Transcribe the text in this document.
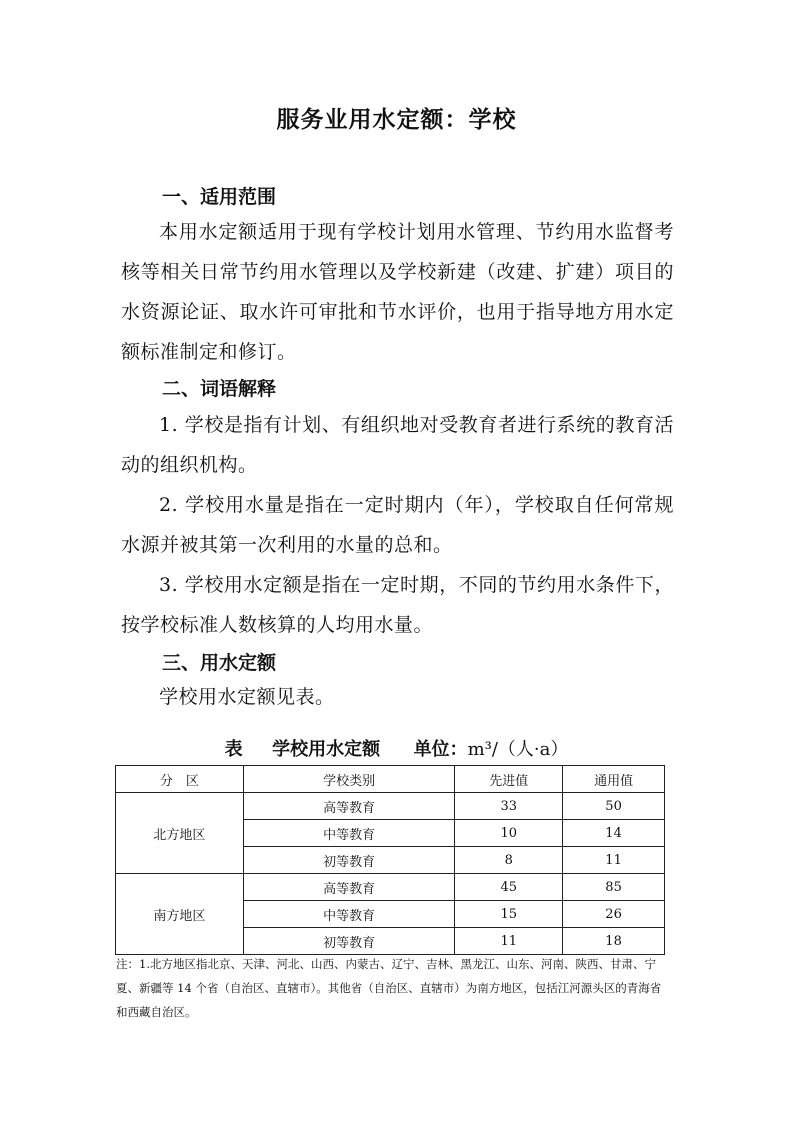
服务业用水定额：学校
一、适用范围

本用水定额适用于现有学校计划用水管理、节约用水监督考核等相关日常节约用水管理以及学校新建（改建、扩建）项目的水资源论证、取水许可审批和节水评价，也用于指导地方用水定额标准制定和修订。

二、词语解释

1. 学校是指有计划、有组织地对受教育者进行系统的教育活动的组织机构。

2. 学校用水量是指在一定时期内（年），学校取自任何常规水源并被其第一次利用的水量的总和。

3. 学校用水定额是指在一定时期，不同的节约用水条件下，按学校标准人数核算的人均用水量。

三、用水定额

学校用水定额见表。

表 学校用水定额 单位：m³/（人·a）
分　区	学校类别	先进值	通用值
北方地区	高等教育	33	50
	中等教育	10	14
	初等教育	8	11
南方地区	高等教育	45	85
	中等教育	15	26
	初等教育	11	18

注：1.北方地区指北京、天津、河北、山西、内蒙古、辽宁、吉林、黑龙江、山东、河南、陕西、甘肃、宁夏、新疆等 14 个省（自治区、直辖市）。其他省（自治区、直辖市）为南方地区，包括江河源头区的青海省和西藏自治区。
